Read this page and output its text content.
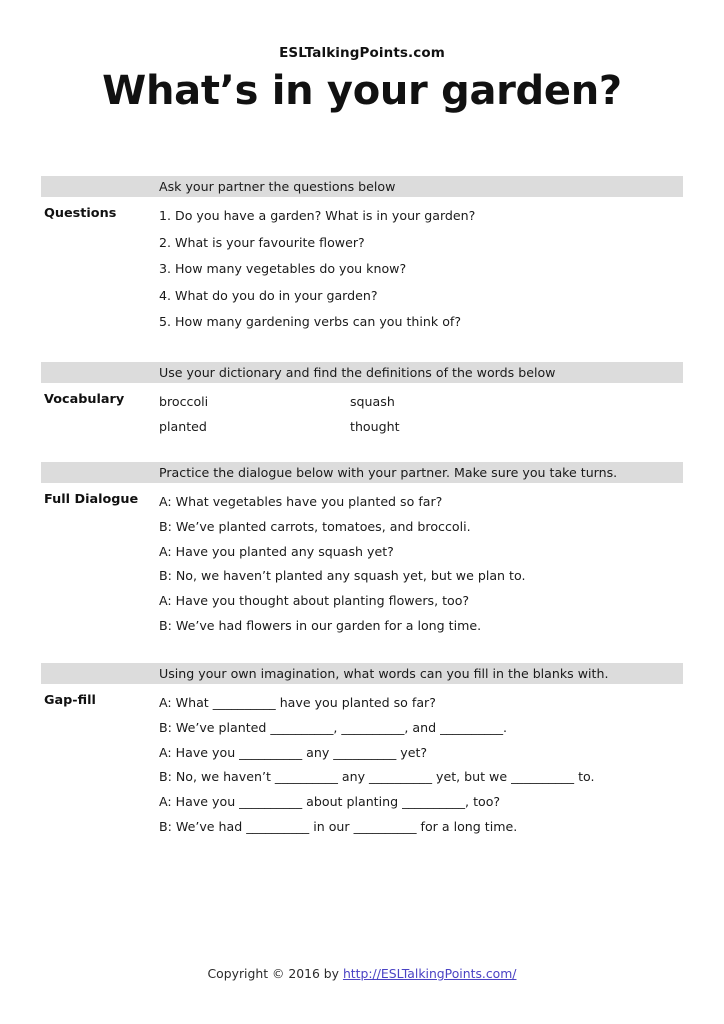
ESLTalkingPoints.com
What’s in your garden?
Ask your partner the questions below
Questions	1. Do you have a garden? What is in your garden?
2. What is your favourite flower?
3. How many vegetables do you know?
4. What do you do in your garden?
5. How many gardening verbs can you think of?
Use your dictionary and find the definitions of the words below
Vocabulary	broccoli	squash
planted	thought
Practice the dialogue below with your partner. Make sure you take turns.
Full Dialogue A: What vegetables have you planted so far?
B: We’ve planted carrots, tomatoes, and broccoli.
A: Have you planted any squash yet?
B: No, we haven’t planted any squash yet, but we plan to.
A: Have you thought about planting flowers, too?
B: We’ve had flowers in our garden for a long time.
Using your own imagination, what words can you fill in the blanks with.
Gap-fill	A: What __________ have you planted so far?
B: We’ve planted __________, __________, and __________.
A: Have you __________ any __________ yet?
B: No, we haven’t __________ any __________ yet, but we __________ to.
A: Have you __________ about planting __________, too?
B: We’ve had __________ in our __________ for a long time.
Copyright © 2016 by http://ESLTalkingPoints.com/
